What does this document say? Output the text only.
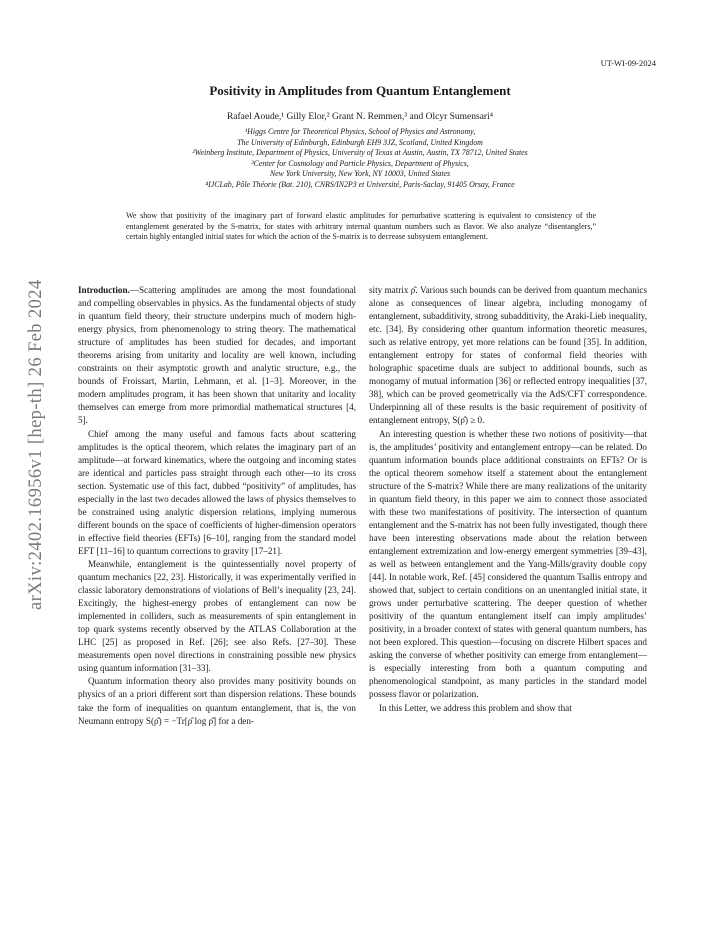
UT-WI-09-2024
arXiv:2402.16956v1 [hep-th] 26 Feb 2024
Positivity in Amplitudes from Quantum Entanglement
Rafael Aoude,¹ Gilly Elor,² Grant N. Remmen,³ and Olcyr Sumensari⁴
¹Higgs Centre for Theoretical Physics, School of Physics and Astronomy,
The University of Edinburgh, Edinburgh EH9 3JZ, Scotland, United Kingdom
²Weinberg Institute, Department of Physics, University of Texas at Austin, Austin, TX 78712, United States
³Center for Cosmology and Particle Physics, Department of Physics,
New York University, New York, NY 10003, United States
⁴IJCLab, Pôle Théorie (Bat. 210), CNRS/IN2P3 et Université, Paris-Saclay, 91405 Orsay, France
We show that positivity of the imaginary part of forward elastic amplitudes for perturbative scattering is equivalent to consistency of the entanglement generated by the S-matrix, for states with arbitrary internal quantum numbers such as flavor. We also analyze “disentanglers,” certain highly entangled initial states for which the action of the S-matrix is to decrease subsystem entanglement.

Introduction.—Scattering amplitudes are among the most foundational and compelling observables in physics. As the fundamental objects of study in quantum field theory, their structure underpins much of modern high-energy physics, from phenomenology to string theory. The mathematical structure of amplitudes has been studied for decades, and important theorems arising from unitarity and locality are well known, including constraints on their asymptotic growth and analytic structure, e.g., the bounds of Froissart, Martin, Lehmann, et al. [1–3]. Moreover, in the modern amplitudes program, it has been shown that unitarity and locality themselves can emerge from more primordial mathematical structures [4, 5].

Chief among the many useful and famous facts about scattering amplitudes is the optical theorem, which relates the imaginary part of an amplitude—at forward kinematics, where the outgoing and incoming states are identical and particles pass straight through each other—to its cross section. Systematic use of this fact, dubbed “positivity” of amplitudes, has especially in the last two decades allowed the laws of physics themselves to be constrained using analytic dispersion relations, implying numerous different bounds on the space of coefficients of higher-dimension operators in effective field theories (EFTs) [6–10], ranging from the standard model EFT [11–16] to quantum corrections to gravity [17–21].

Meanwhile, entanglement is the quintessentially novel property of quantum mechanics [22, 23]. Historically, it was experimentally verified in classic laboratory demonstrations of violations of Bell’s inequality [23, 24]. Excitingly, the highest-energy probes of entanglement can now be implemented in colliders, such as measurements of spin entanglement in top quark systems recently observed by the ATLAS Collaboration at the LHC [25] as proposed in Ref. [26]; see also Refs. [27–30]. These measurements open novel directions in constraining possible new physics using quantum information [31–33].

Quantum information theory also provides many positivity bounds on physics of an a priori different sort than dispersion relations. These bounds take the form of inequalities on quantum entanglement, that is, the von Neumann entropy S(ρ̂) = −Tr[ρ̂ log ρ̂] for a den-

sity matrix ρ̂. Various such bounds can be derived from quantum mechanics alone as consequences of linear algebra, including monogamy of entanglement, subadditivity, strong subadditivity, the Araki-Lieb inequality, etc. [34]. By considering other quantum information theoretic measures, such as relative entropy, yet more relations can be found [35]. In addition, entanglement entropy for states of conformal field theories with holographic spacetime duals are subject to additional bounds, such as monogamy of mutual information [36] or reflected entropy inequalities [37, 38], which can be proved geometrically via the AdS/CFT correspondence. Underpinning all of these results is the basic requirement of positivity of entanglement entropy, S(ρ̂) ≥ 0.

An interesting question is whether these two notions of positivity—that is, the amplitudes’ positivity and entanglement entropy—can be related. Do quantum information bounds place additional constraints on EFTs? Or is the optical theorem somehow itself a statement about the entanglement structure of the S-matrix? While there are many realizations of the unitarity in quantum field theory, in this paper we aim to connect those associated with these two manifestations of positivity. The intersection of quantum entanglement and the S-matrix has not been fully investigated, though there have been interesting observations made about the relation between entanglement extremization and low-energy emergent symmetries [39–43], as well as between entanglement and the Yang-Mills/gravity double copy [44]. In notable work, Ref. [45] considered the quantum Tsallis entropy and showed that, subject to certain conditions on an unentangled initial state, it grows under perturbative scattering. The deeper question of whether positivity of the quantum entanglement itself can imply amplitudes’ positivity, in a broader context of states with general quantum numbers, has not been explored. This question—focusing on discrete Hilbert spaces and asking the converse of whether positivity can emerge from entanglement—is especially interesting from both a quantum computing and phenomenological standpoint, as many particles in the standard model possess flavor or polarization.

In this Letter, we address this problem and show that
